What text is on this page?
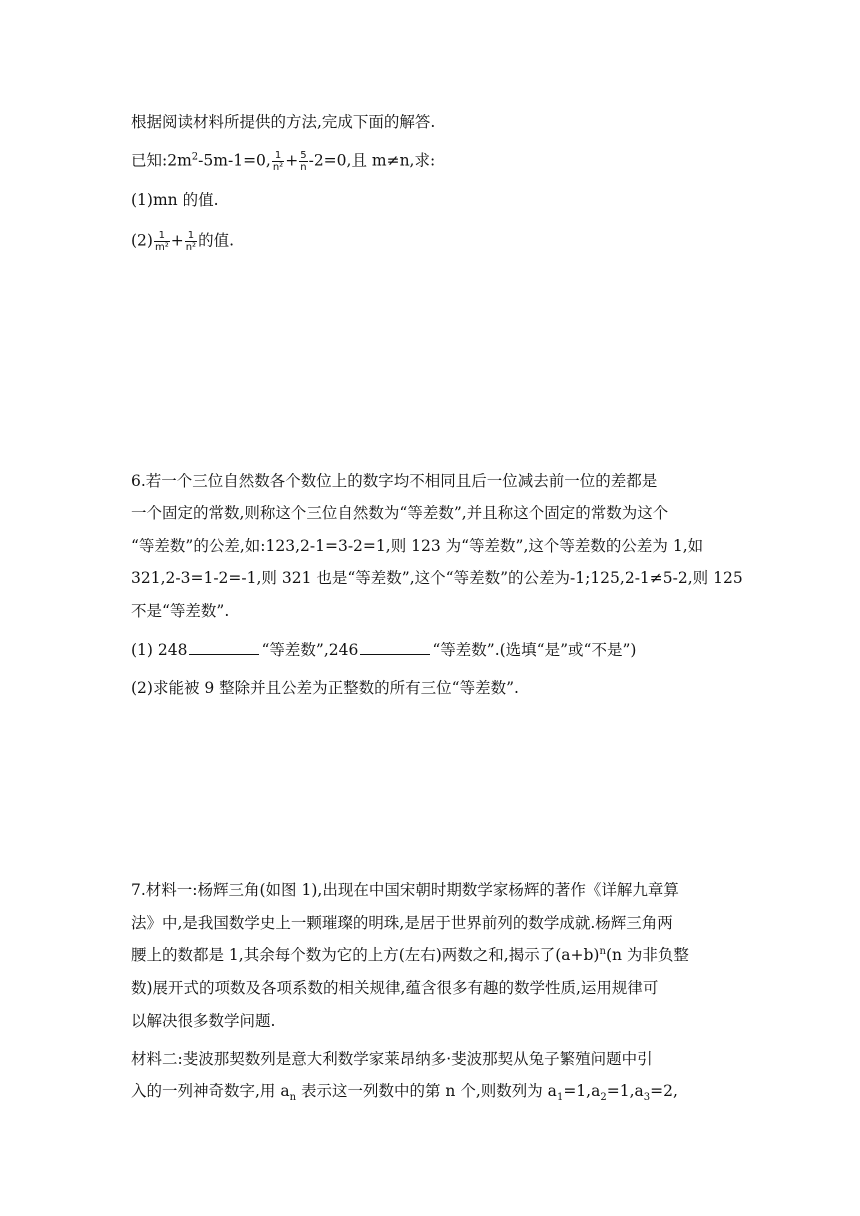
根据阅读材料所提供的方法,完成下面的解答.

已知$:2m^2-5m-1=0$, $\frac{1}{\text{n²}} + \frac{5}{n} -2=0$,且 m≠n,求:

(1)mn 的值.

$(2) \frac{1}{\text{m²}} + \frac{1}{\text{n²}}$ 的值.

6.若一个三位自然数各个数位上的数字均不相同且后一位减去前一位的差都是

一个固定的常数,则称这个三位自然数为“等差数”,并且称这个固定的常数为这个

“等差数”的公差,如:123,2-1=3-2=1,则 123 为“等差数”,这个等差数的公差为 1,如

321,2-3=1-2=-1,则 321 也是“等差数”,这个“等差数”的公差为-1;125,2-1≠5-2,则 125

不是“等差数”.

(1) 248	“等差数”,246	“等差数”.(选填“是”或“不是”)

(2)求能被 9 整除并且公差为正整数的所有三位“等差数”.

7.材料一:杨辉三角(如图 1),出现在中国宋朝时期数学家杨辉的著作《详解九章算

法》中,是我国数学史上一颗璀璨的明珠,是居于世界前列的数学成就.杨辉三角两

腰上的数都是 1,其余每个数为它的上方(左右)两数之和,揭示了$(a+b)^n(n$ 为非负整

数)展开式的项数及各项系数的相关规律,蕴含很多有趣的数学性质,运用规律可

以解决很多数学问题.

材料二:斐波那契数列是意大利数学家莱昂纳多·斐波那契从兔子繁殖问题中引

入的一列神奇数字,用 $a_n$ 表示这一列数中的第 n 个,则数列为 $a_1=1,a_2=1,a_3=2$,
